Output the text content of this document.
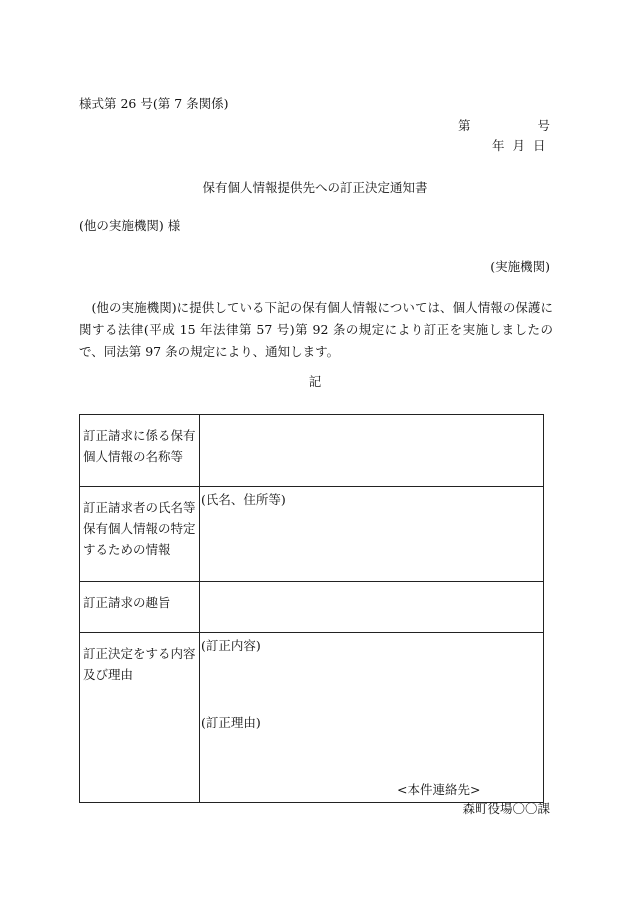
様式第 26 号(第 7 条関係)
第	号

年 月 日
保有個人情報提供先への訂正決定通知書
(他の実施機関) 様
(実施機関)
(他の実施機関)に提供している下記の保有個人情報については、個人情報の保護に関する法律(平成 15 年法律第 57 号)第 92 条の規定により訂正を実施しましたので、同法第 97 条の規定により、通知します。
記
訂正請求に係る保有個人情報の名称等	
訂正請求者の氏名等保有個人情報の特定するための情報	(氏名、住所等)
訂正請求の趣旨	
訂正決定をする内容及び理由	(訂正内容)
(訂正理由)
<本件連絡先>
森町役場〇〇課
